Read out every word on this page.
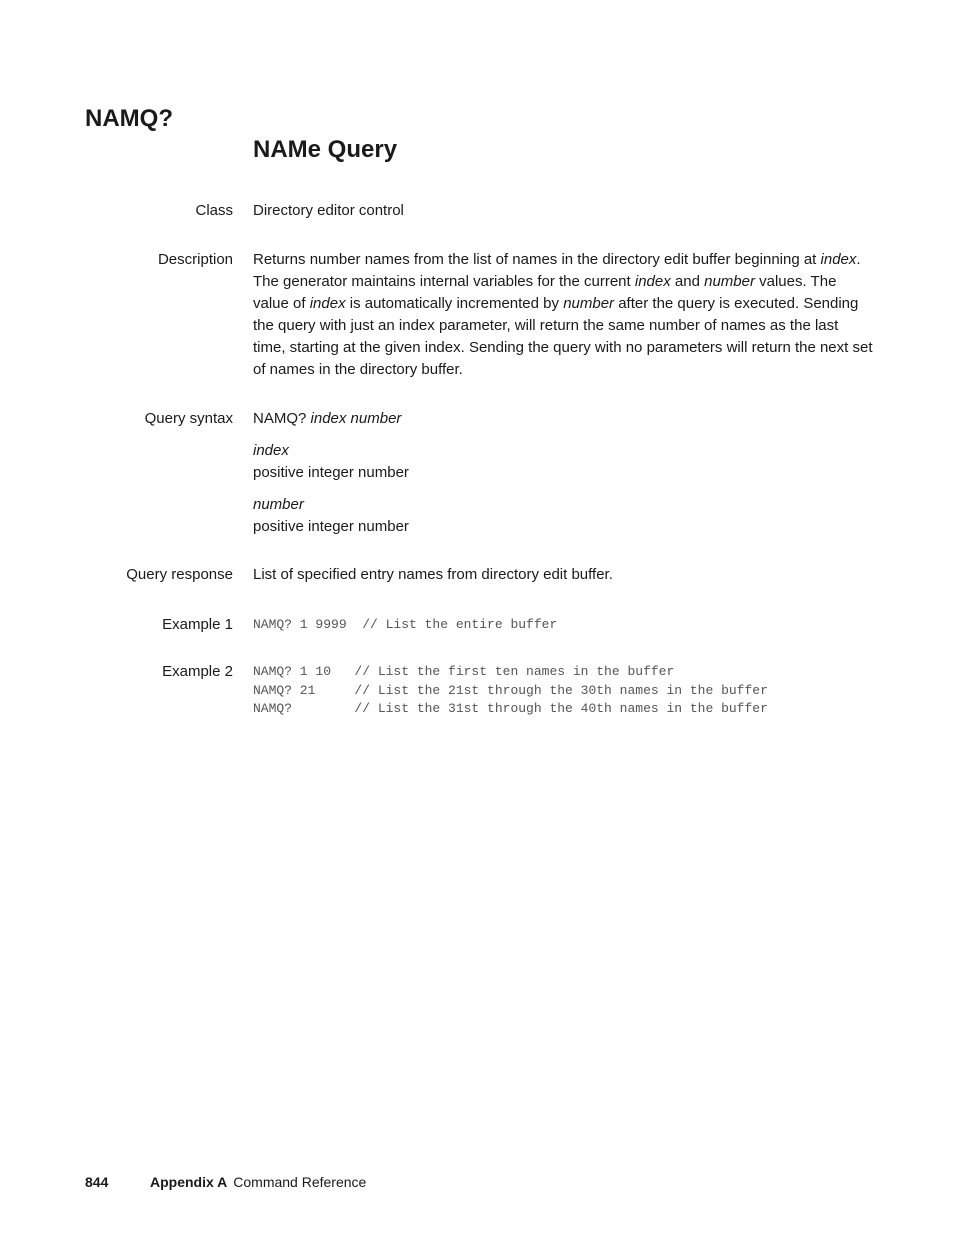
NAMQ?
NAMe Query
Class Directory editor control

Description Returns number names from the list of names in the directory edit buffer beginning at index. The generator maintains internal variables for the current index and number values. The value of index is automatically incremented by number after the query is executed. Sending the query with just an index parameter, will return the same number of names as the last time, starting at the given index. Sending the query with no parameters will return the next set of names in the directory buffer.

Query syntax NAMQ? index number

index

positive integer number

number

positive integer number

Query response List of specified entry names from directory edit buffer.

Example 1 NAMQ? 1 9999  // List the entire buffer

Example 2 NAMQ? 1 10   // List the first ten names in the buffer

NAMQ? 21     // List the 21st through the 30th names in the buffer

NAMQ?        // List the 31st through the 40th names in the buffer

844	Appendix A Command Reference
